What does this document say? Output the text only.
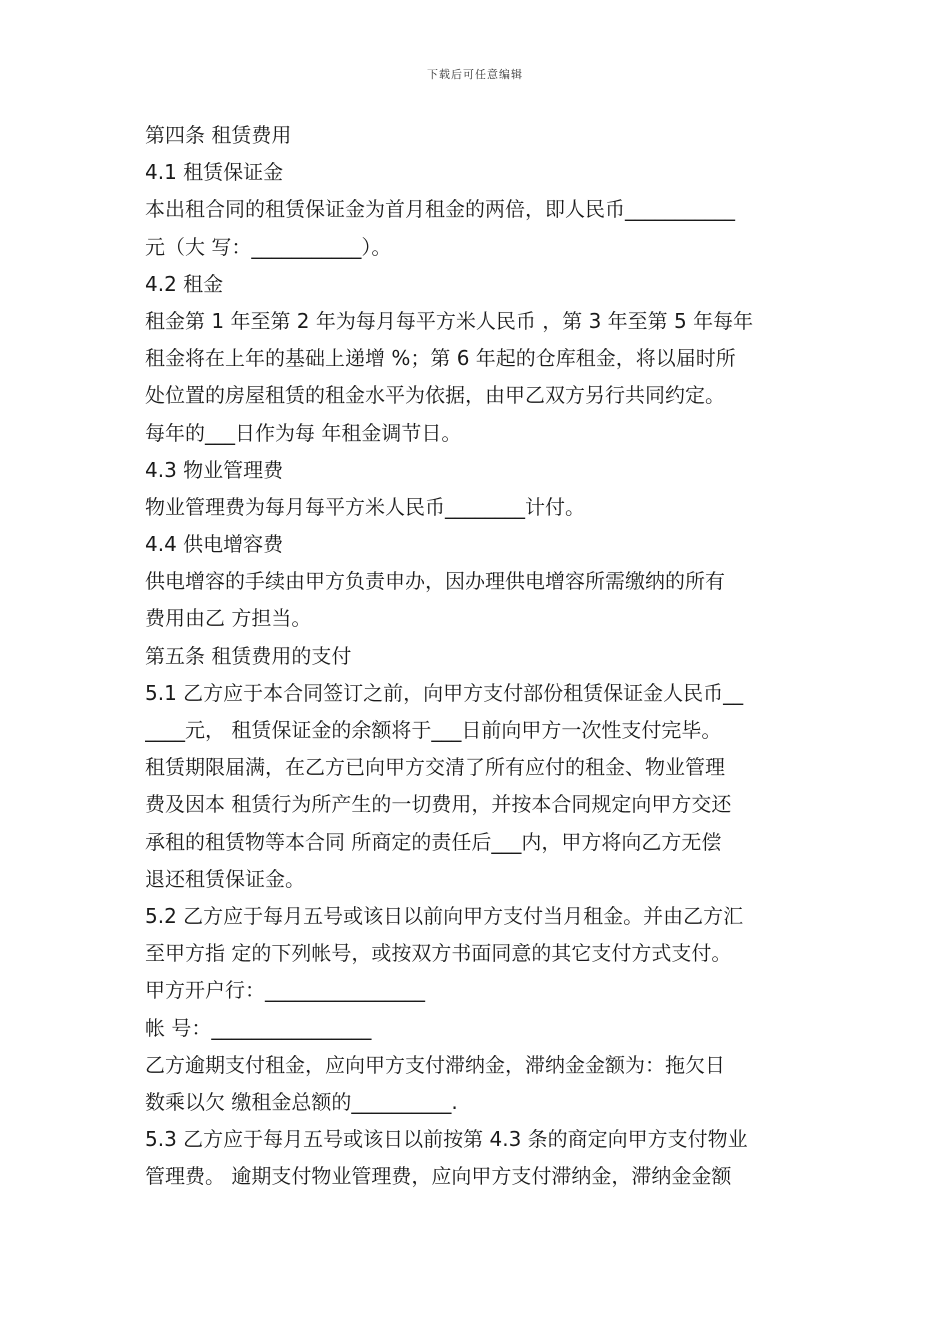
下载后可任意编辑
第四条 租赁费用
4.1 租赁保证金
本出租合同的租赁保证金为首月租金的两倍，即人民币___________
元（大 写：___________）。
4.2 租金
租金第 1 年至第 2 年为每月每平方米人民币 ，第 3 年至第 5 年每年
租金将在上年的基础上递增 %；第 6 年起的仓库租金，将以届时所
处位置的房屋租赁的租金水平为依据，由甲乙双方另行共同约定。
每年的___日作为每 年租金调节日。
4.3 物业管理费
物业管理费为每月每平方米人民币________计付。
4.4 供电增容费
供电增容的手续由甲方负责申办，因办理供电增容所需缴纳的所有
费用由乙 方担当。
第五条 租赁费用的支付
5.1 乙方应于本合同签订之前，向甲方支付部份租赁保证金人民币__
____元， 租赁保证金的余额将于___日前向甲方一次性支付完毕。
租赁期限届满，在乙方已向甲方交清了所有应付的租金、物业管理
费及因本 租赁行为所产生的一切费用，并按本合同规定向甲方交还
承租的租赁物等本合同 所商定的责任后___内，甲方将向乙方无偿
退还租赁保证金。
5.2 乙方应于每月五号或该日以前向甲方支付当月租金。并由乙方汇
至甲方指 定的下列帐号，或按双方书面同意的其它支付方式支付。
甲方开户行：________________
帐 号：________________
乙方逾期支付租金，应向甲方支付滞纳金，滞纳金金额为：拖欠日
数乘以欠 缴租金总额的__________.
5.3 乙方应于每月五号或该日以前按第 4.3 条的商定向甲方支付物业
管理费。 逾期支付物业管理费，应向甲方支付滞纳金，滞纳金金额
